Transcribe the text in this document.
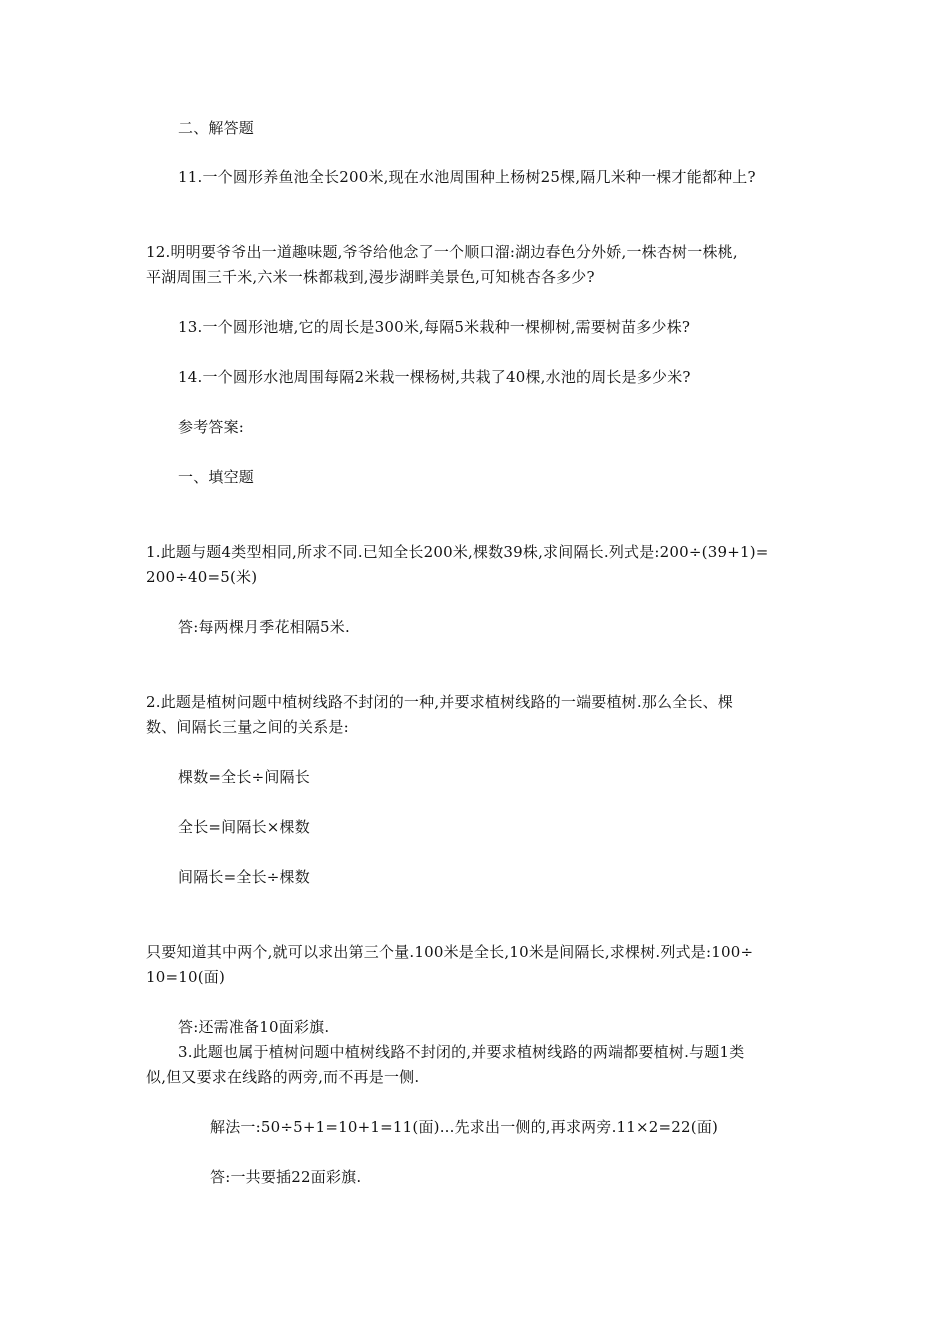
二、解答题
11.一个圆形养鱼池全长200米,现在水池周围种上杨树25棵,隔几米种一棵才能都种上?
12.明明要爷爷出一道趣味题,爷爷给他念了一个顺口溜:湖边春色分外娇,一株杏树一株桃,
平湖周围三千米,六米一株都栽到,漫步湖畔美景色,可知桃杏各多少?
13.一个圆形池塘,它的周长是300米,每隔5米栽种一棵柳树,需要树苗多少株?
14.一个圆形水池周围每隔2米栽一棵杨树,共栽了40棵,水池的周长是多少米?
参考答案:
一、填空题
1.此题与题4类型相同,所求不同.已知全长200米,棵数39株,求间隔长.列式是:200÷(39+1)=
200÷40=5(米)
答:每两棵月季花相隔5米.
2.此题是植树问题中植树线路不封闭的一种,并要求植树线路的一端要植树.那么全长、棵
数、间隔长三量之间的关系是:
棵数=全长÷间隔长
全长=间隔长×棵数
间隔长=全长÷棵数
只要知道其中两个,就可以求出第三个量.100米是全长,10米是间隔长,求棵树.列式是:100÷
10=10(面)
答:还需准备10面彩旗.
3.此题也属于植树问题中植树线路不封闭的,并要求植树线路的两端都要植树.与题1类
似,但又要求在线路的两旁,而不再是一侧.
解法一:50÷5+1=10+1=11(面)...先求出一侧的,再求两旁.11×2=22(面)
答:一共要插22面彩旗.
